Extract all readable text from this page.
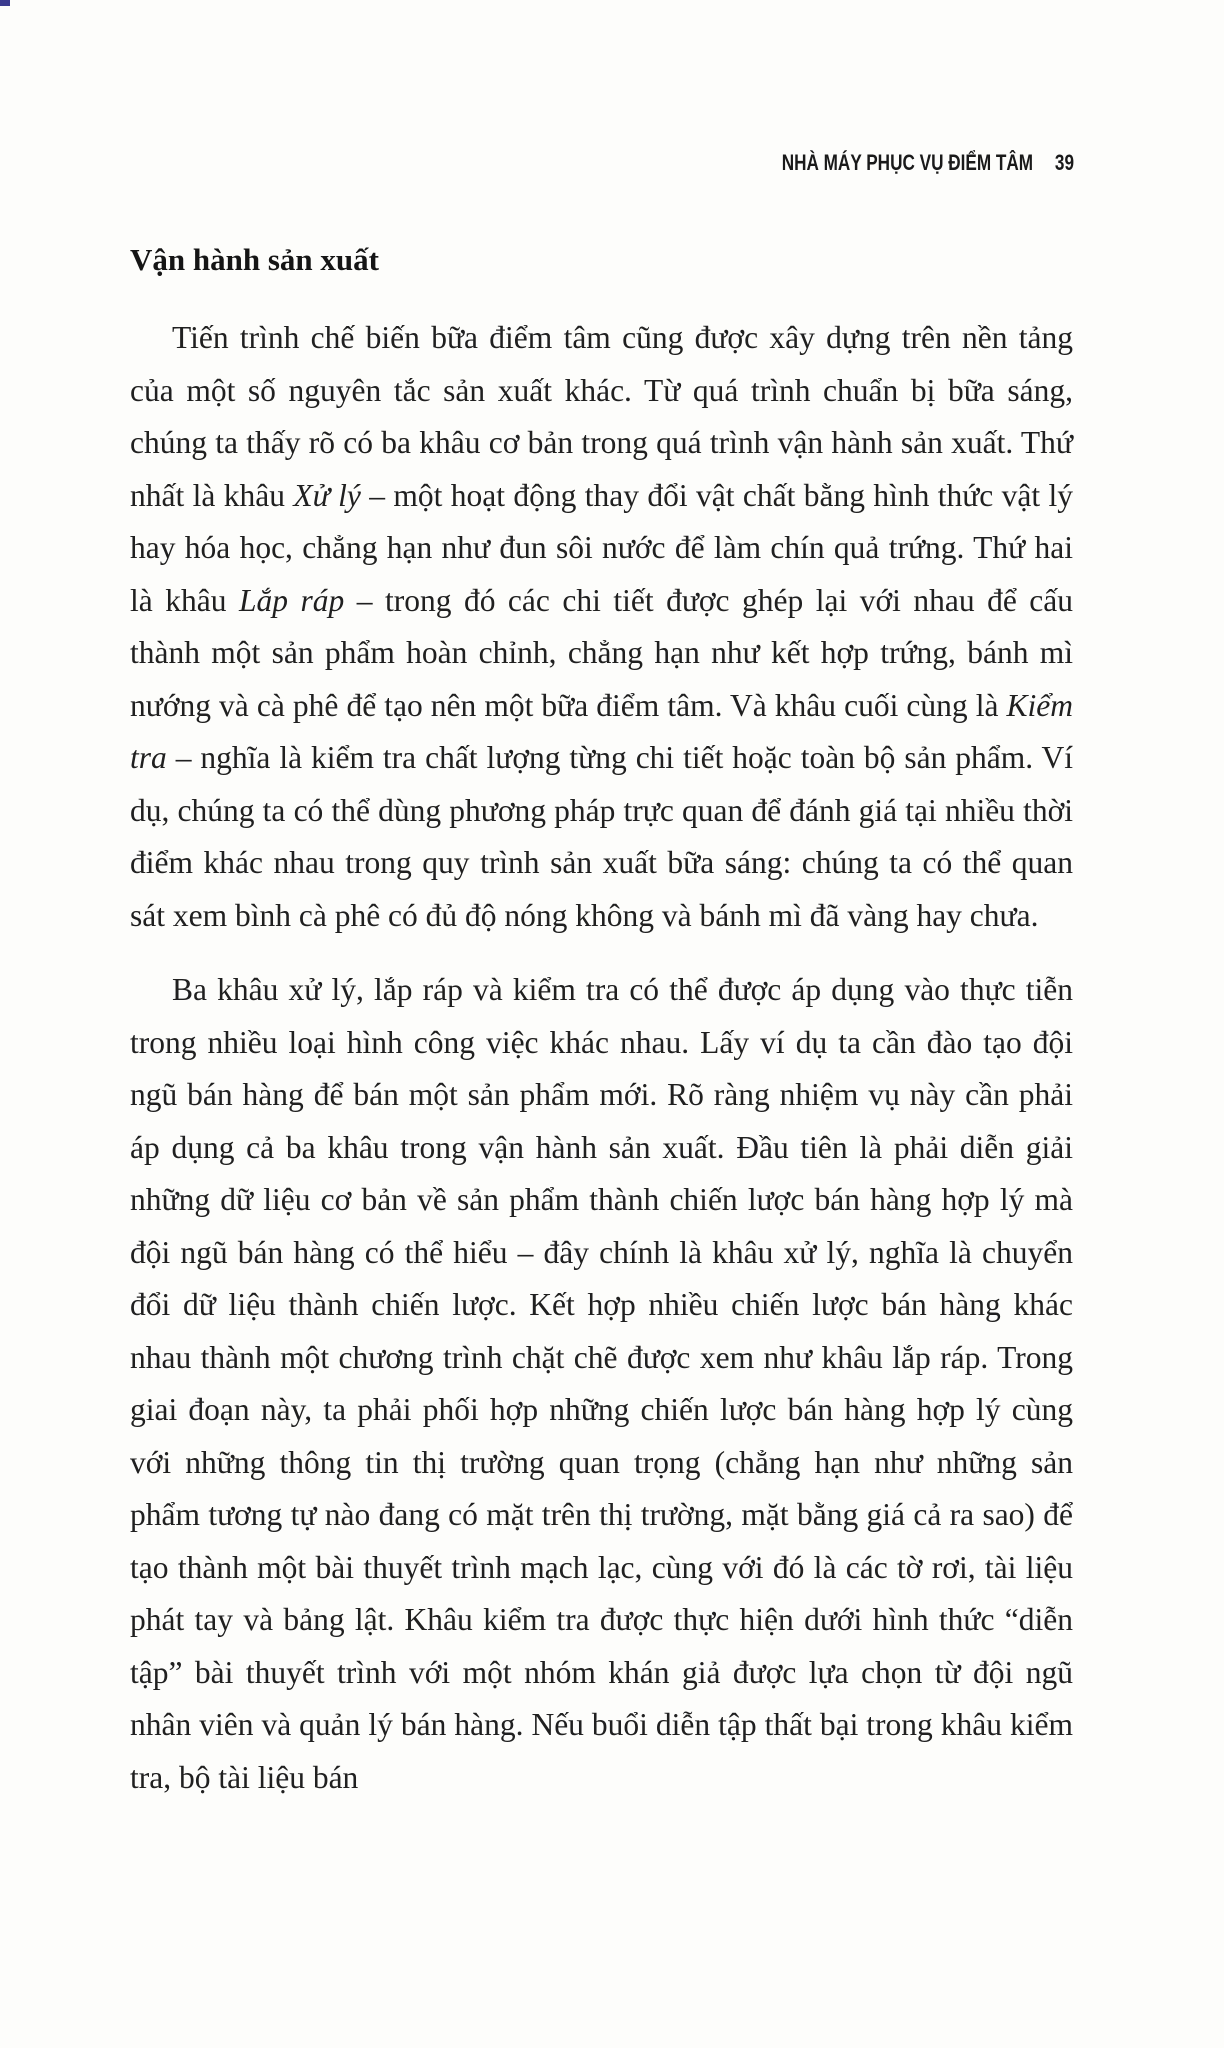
NHÀ MÁY PHỤC VỤ ĐIỂM TÂM 39
Vận hành sản xuất

Tiến trình chế biến bữa điểm tâm cũng được xây dựng trên nền tảng của một số nguyên tắc sản xuất khác. Từ quá trình chuẩn bị bữa sáng, chúng ta thấy rõ có ba khâu cơ bản trong quá trình vận hành sản xuất. Thứ nhất là khâu Xử lý – một hoạt động thay đổi vật chất bằng hình thức vật lý hay hóa học, chẳng hạn như đun sôi nước để làm chín quả trứng. Thứ hai là khâu Lắp ráp – trong đó các chi tiết được ghép lại với nhau để cấu thành một sản phẩm hoàn chỉnh, chẳng hạn như kết hợp trứng, bánh mì nướng và cà phê để tạo nên một bữa điểm tâm. Và khâu cuối cùng là Kiểm tra – nghĩa là kiểm tra chất lượng từng chi tiết hoặc toàn bộ sản phẩm. Ví dụ, chúng ta có thể dùng phương pháp trực quan để đánh giá tại nhiều thời điểm khác nhau trong quy trình sản xuất bữa sáng: chúng ta có thể quan sát xem bình cà phê có đủ độ nóng không và bánh mì đã vàng hay chưa.

Ba khâu xử lý, lắp ráp và kiểm tra có thể được áp dụng vào thực tiễn trong nhiều loại hình công việc khác nhau. Lấy ví dụ ta cần đào tạo đội ngũ bán hàng để bán một sản phẩm mới. Rõ ràng nhiệm vụ này cần phải áp dụng cả ba khâu trong vận hành sản xuất. Đầu tiên là phải diễn giải những dữ liệu cơ bản về sản phẩm thành chiến lược bán hàng hợp lý mà đội ngũ bán hàng có thể hiểu – đây chính là khâu xử lý, nghĩa là chuyển đổi dữ liệu thành chiến lược. Kết hợp nhiều chiến lược bán hàng khác nhau thành một chương trình chặt chẽ được xem như khâu lắp ráp. Trong giai đoạn này, ta phải phối hợp những chiến lược bán hàng hợp lý cùng với những thông tin thị trường quan trọng (chẳng hạn như những sản phẩm tương tự nào đang có mặt trên thị trường, mặt bằng giá cả ra sao) để tạo thành một bài thuyết trình mạch lạc, cùng với đó là các tờ rơi, tài liệu phát tay và bảng lật. Khâu kiểm tra được thực hiện dưới hình thức “diễn tập” bài thuyết trình với một nhóm khán giả được lựa chọn từ đội ngũ nhân viên và quản lý bán hàng. Nếu buổi diễn tập thất bại trong khâu kiểm tra, bộ tài liệu bán
